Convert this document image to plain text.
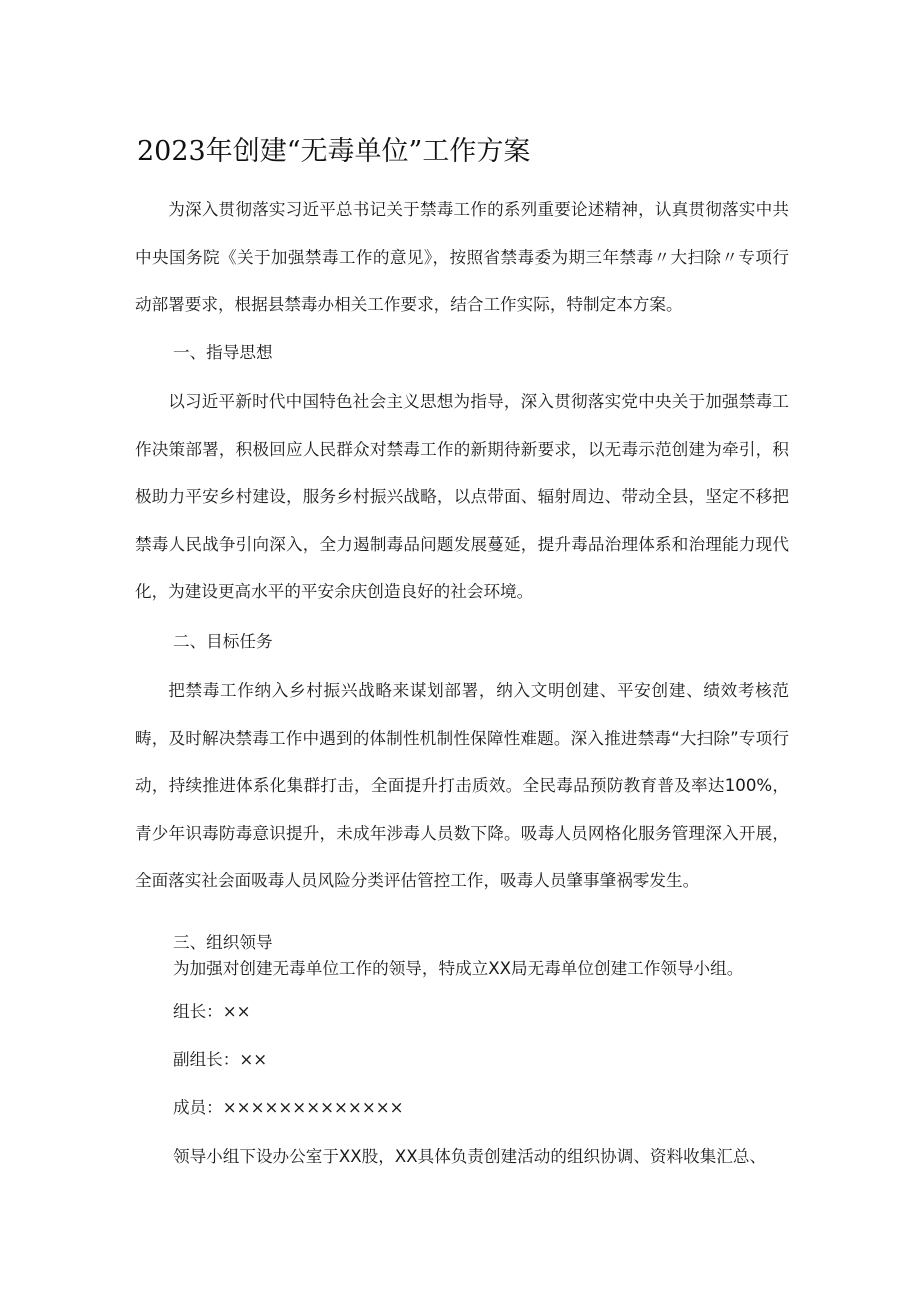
2023年创建“无毒单位”工作方案

为深入贯彻落实习近平总书记关于禁毒工作的系列重要论述精神，认真贯彻落实中共中央国务院《关于加强禁毒工作的意见》，按照省禁毒委为期三年禁毒〃大扫除〃专项行动部署要求，根据县禁毒办相关工作要求，结合工作实际，特制定本方案。

一、指导思想

以习近平新时代中国特色社会主义思想为指导，深入贯彻落实党中央关于加强禁毒工作决策部署，积极回应人民群众对禁毒工作的新期待新要求，以无毒示范创建为牵引，积极助力平安乡村建设，服务乡村振兴战略，以点带面、辐射周边、带动全县，坚定不移把禁毒人民战争引向深入，全力遏制毒品问题发展蔓延，提升毒品治理体系和治理能力现代化，为建设更高水平的平安余庆创造良好的社会环境。

二、目标任务

把禁毒工作纳入乡村振兴战略来谋划部署，纳入文明创建、平安创建、绩效考核范畴，及时解决禁毒工作中遇到的体制性机制性保障性难题。深入推进禁毒“大扫除”专项行动，持续推进体系化集群打击，全面提升打击质效。全民毒品预防教育普及率达100%，青少年识毒防毒意识提升，未成年涉毒人员数下降。吸毒人员网格化服务管理深入开展，全面落实社会面吸毒人员风险分类评估管控工作，吸毒人员肇事肇祸零发生。

三、组织领导

为加强对创建无毒单位工作的领导，特成立XX局无毒单位创建工作领导小组。

组长：××

副组长：××

成员：×××××××××××××

领导小组下设办公室于XX股，XX具体负责创建活动的组织协调、资料收集汇总、
